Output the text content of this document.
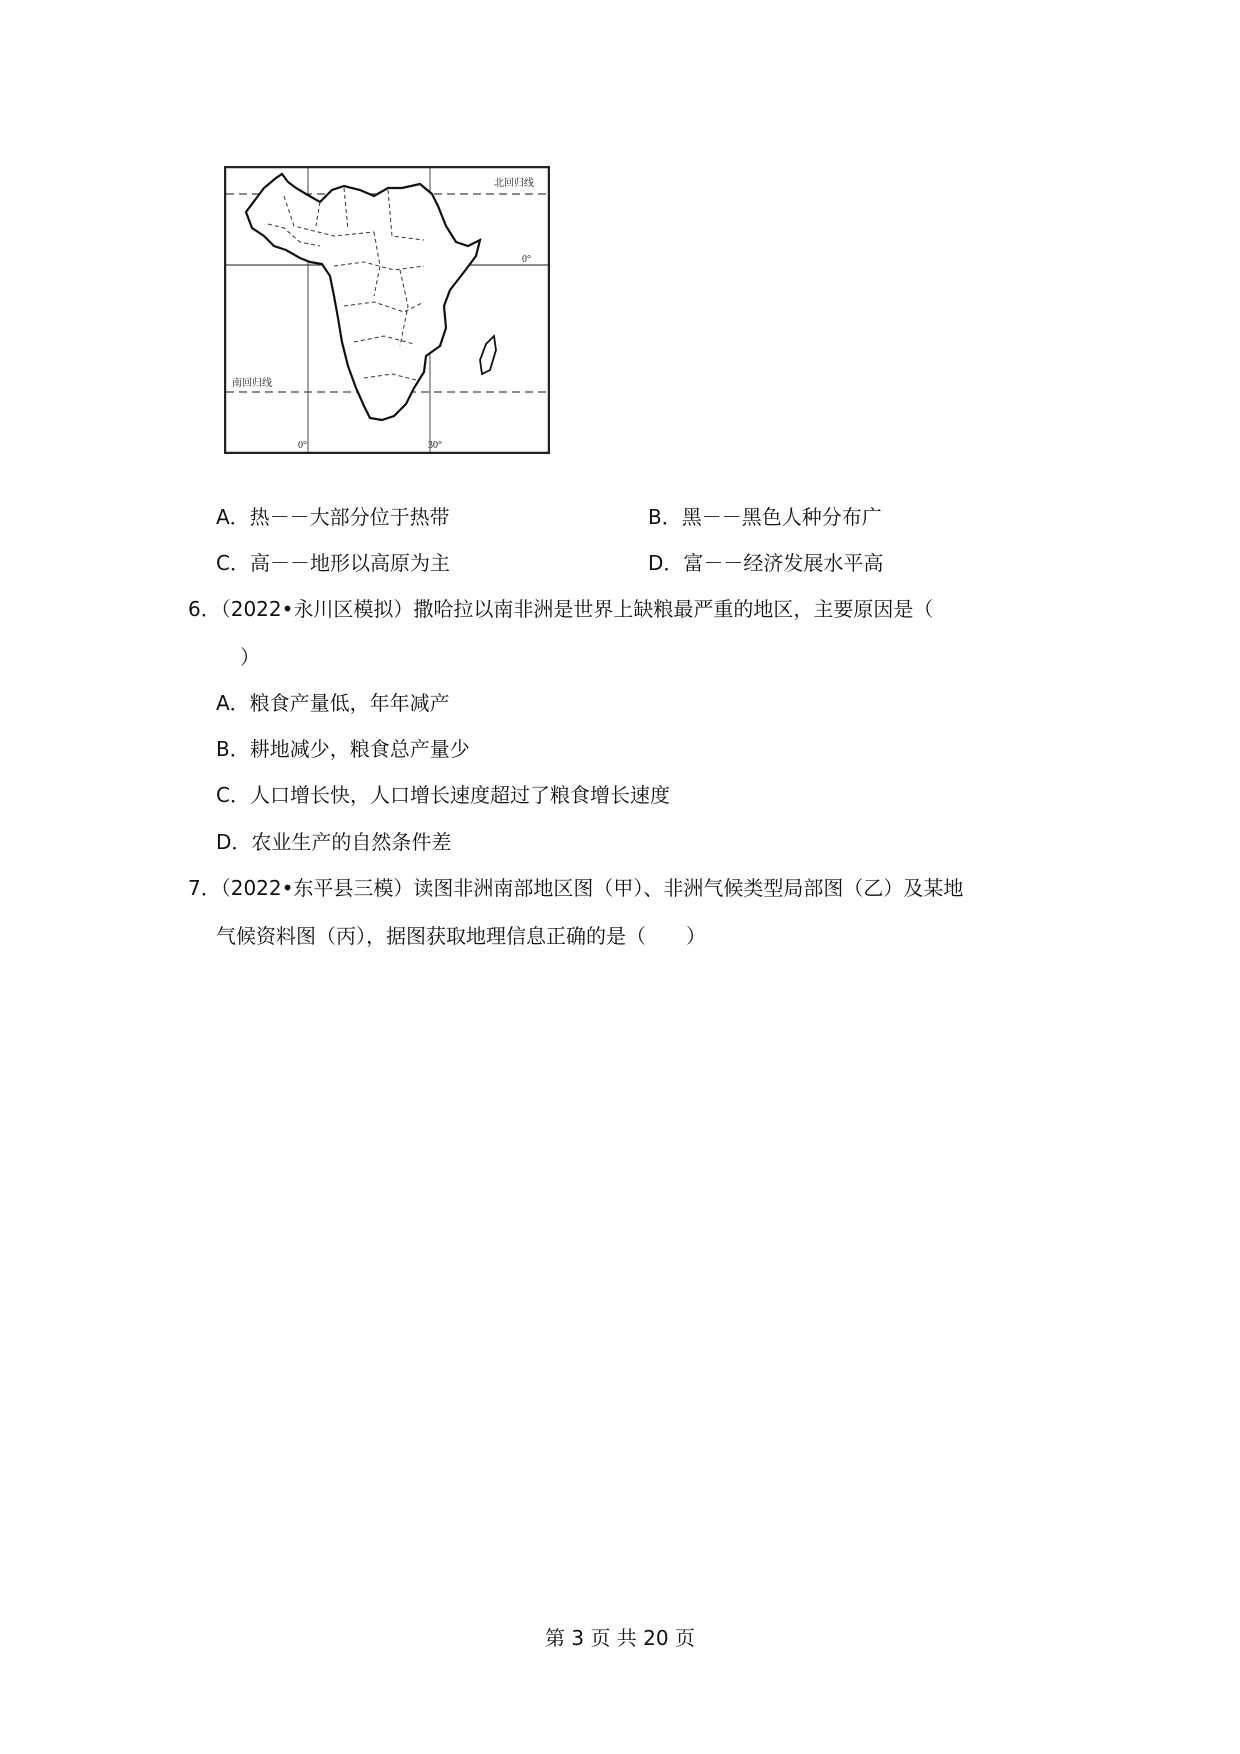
北回归线
南回归线
0°
0°	30°
A．热－－大部分位于热带	B．黑－－黑色人种分布广
C．高－－地形以高原为主	D．富－－经济发展水平高
6．（2022•永川区模拟）撒哈拉以南非洲是世界上缺粮最严重的地区，主要原因是（
）
A．粮食产量低，年年减产
B．耕地减少，粮食总产量少
C．人口增长快，人口增长速度超过了粮食增长速度
D．农业生产的自然条件差
7．（2022•东平县三模）读图非洲南部地区图（甲）、非洲气候类型局部图（乙）及某地
气候资料图（丙），据图获取地理信息正确的是（　　）
第 3 页 共 20 页
